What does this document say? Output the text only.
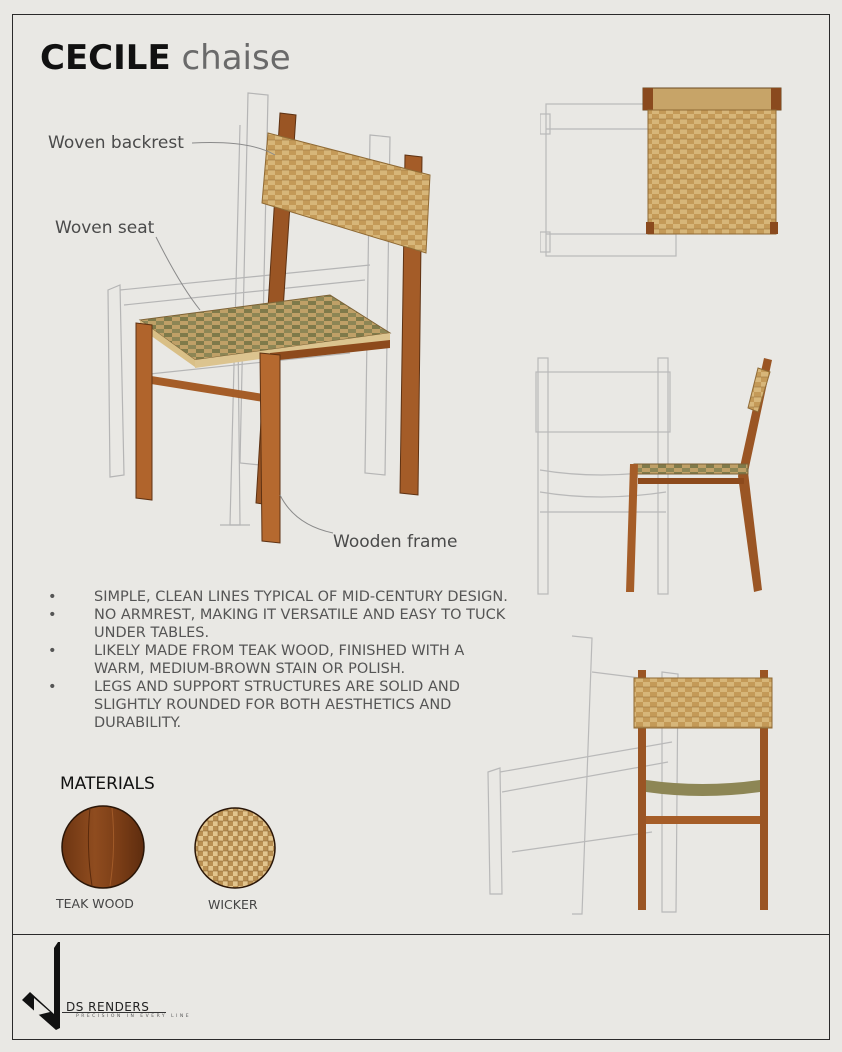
CECILE chaise
Woven backrest
Woven seat
Wooden frame
• SIMPLE, CLEAN LINES TYPICAL OF MID-CENTURY DESIGN.
• NO ARMREST, MAKING IT VERSATILE AND EASY TO TUCK UNDER TABLES.
• LIKELY MADE FROM TEAK WOOD, FINISHED WITH A WARM, MEDIUM-BROWN STAIN OR POLISH.
• LEGS AND SUPPORT STRUCTURES ARE SOLID AND SLIGHTLY ROUNDED FOR BOTH AESTHETICS AND DURABILITY.
MATERIALS
TEAK WOOD	WICKER
DS RENDERS
PRECISION IN EVERY LINE
